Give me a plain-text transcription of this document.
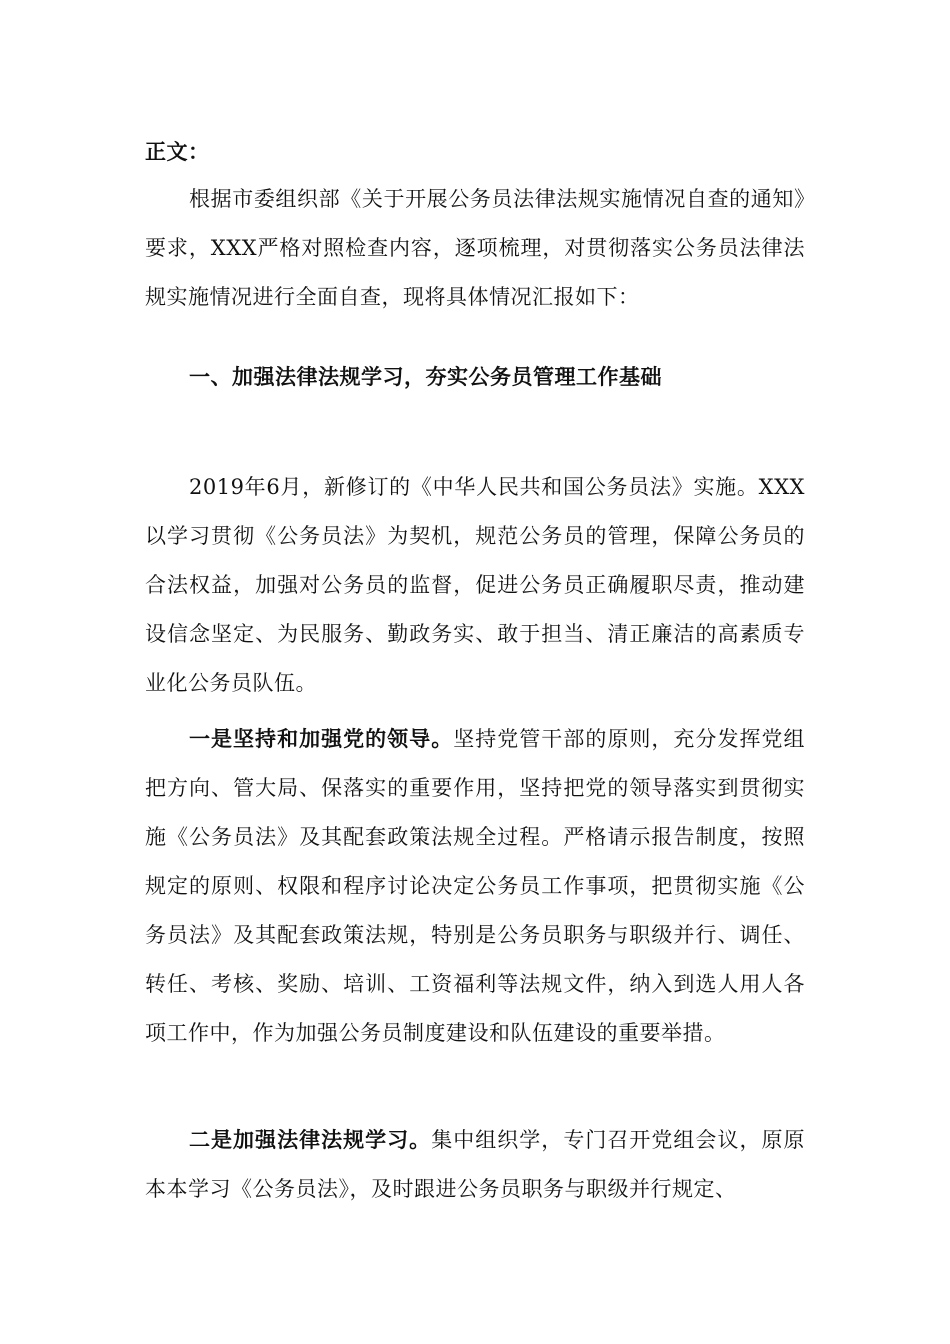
正文：

根据市委组织部《关于开展公务员法律法规实施情况自查的通知》要求，XXX严格对照检查内容，逐项梳理，对贯彻落实公务员法律法规实施情况进行全面自查，现将具体情况汇报如下：

一、加强法律法规学习，夯实公务员管理工作基础

2019年6月，新修订的《中华人民共和国公务员法》实施。XXX以学习贯彻《公务员法》为契机，规范公务员的管理，保障公务员的合法权益，加强对公务员的监督，促进公务员正确履职尽责，推动建设信念坚定、为民服务、勤政务实、敢于担当、清正廉洁的高素质专业化公务员队伍。

一是坚持和加强党的领导。坚持党管干部的原则，充分发挥党组把方向、管大局、保落实的重要作用，坚持把党的领导落实到贯彻实施《公务员法》及其配套政策法规全过程。严格请示报告制度，按照规定的原则、权限和程序讨论决定公务员工作事项，把贯彻实施《公务员法》及其配套政策法规，特别是公务员职务与职级并行、调任、转任、考核、奖励、培训、工资福利等法规文件，纳入到选人用人各项工作中，作为加强公务员制度建设和队伍建设的重要举措。

二是加强法律法规学习。集中组织学，专门召开党组会议，原原本本学习《公务员法》，及时跟进公务员职务与职级并行规定、
